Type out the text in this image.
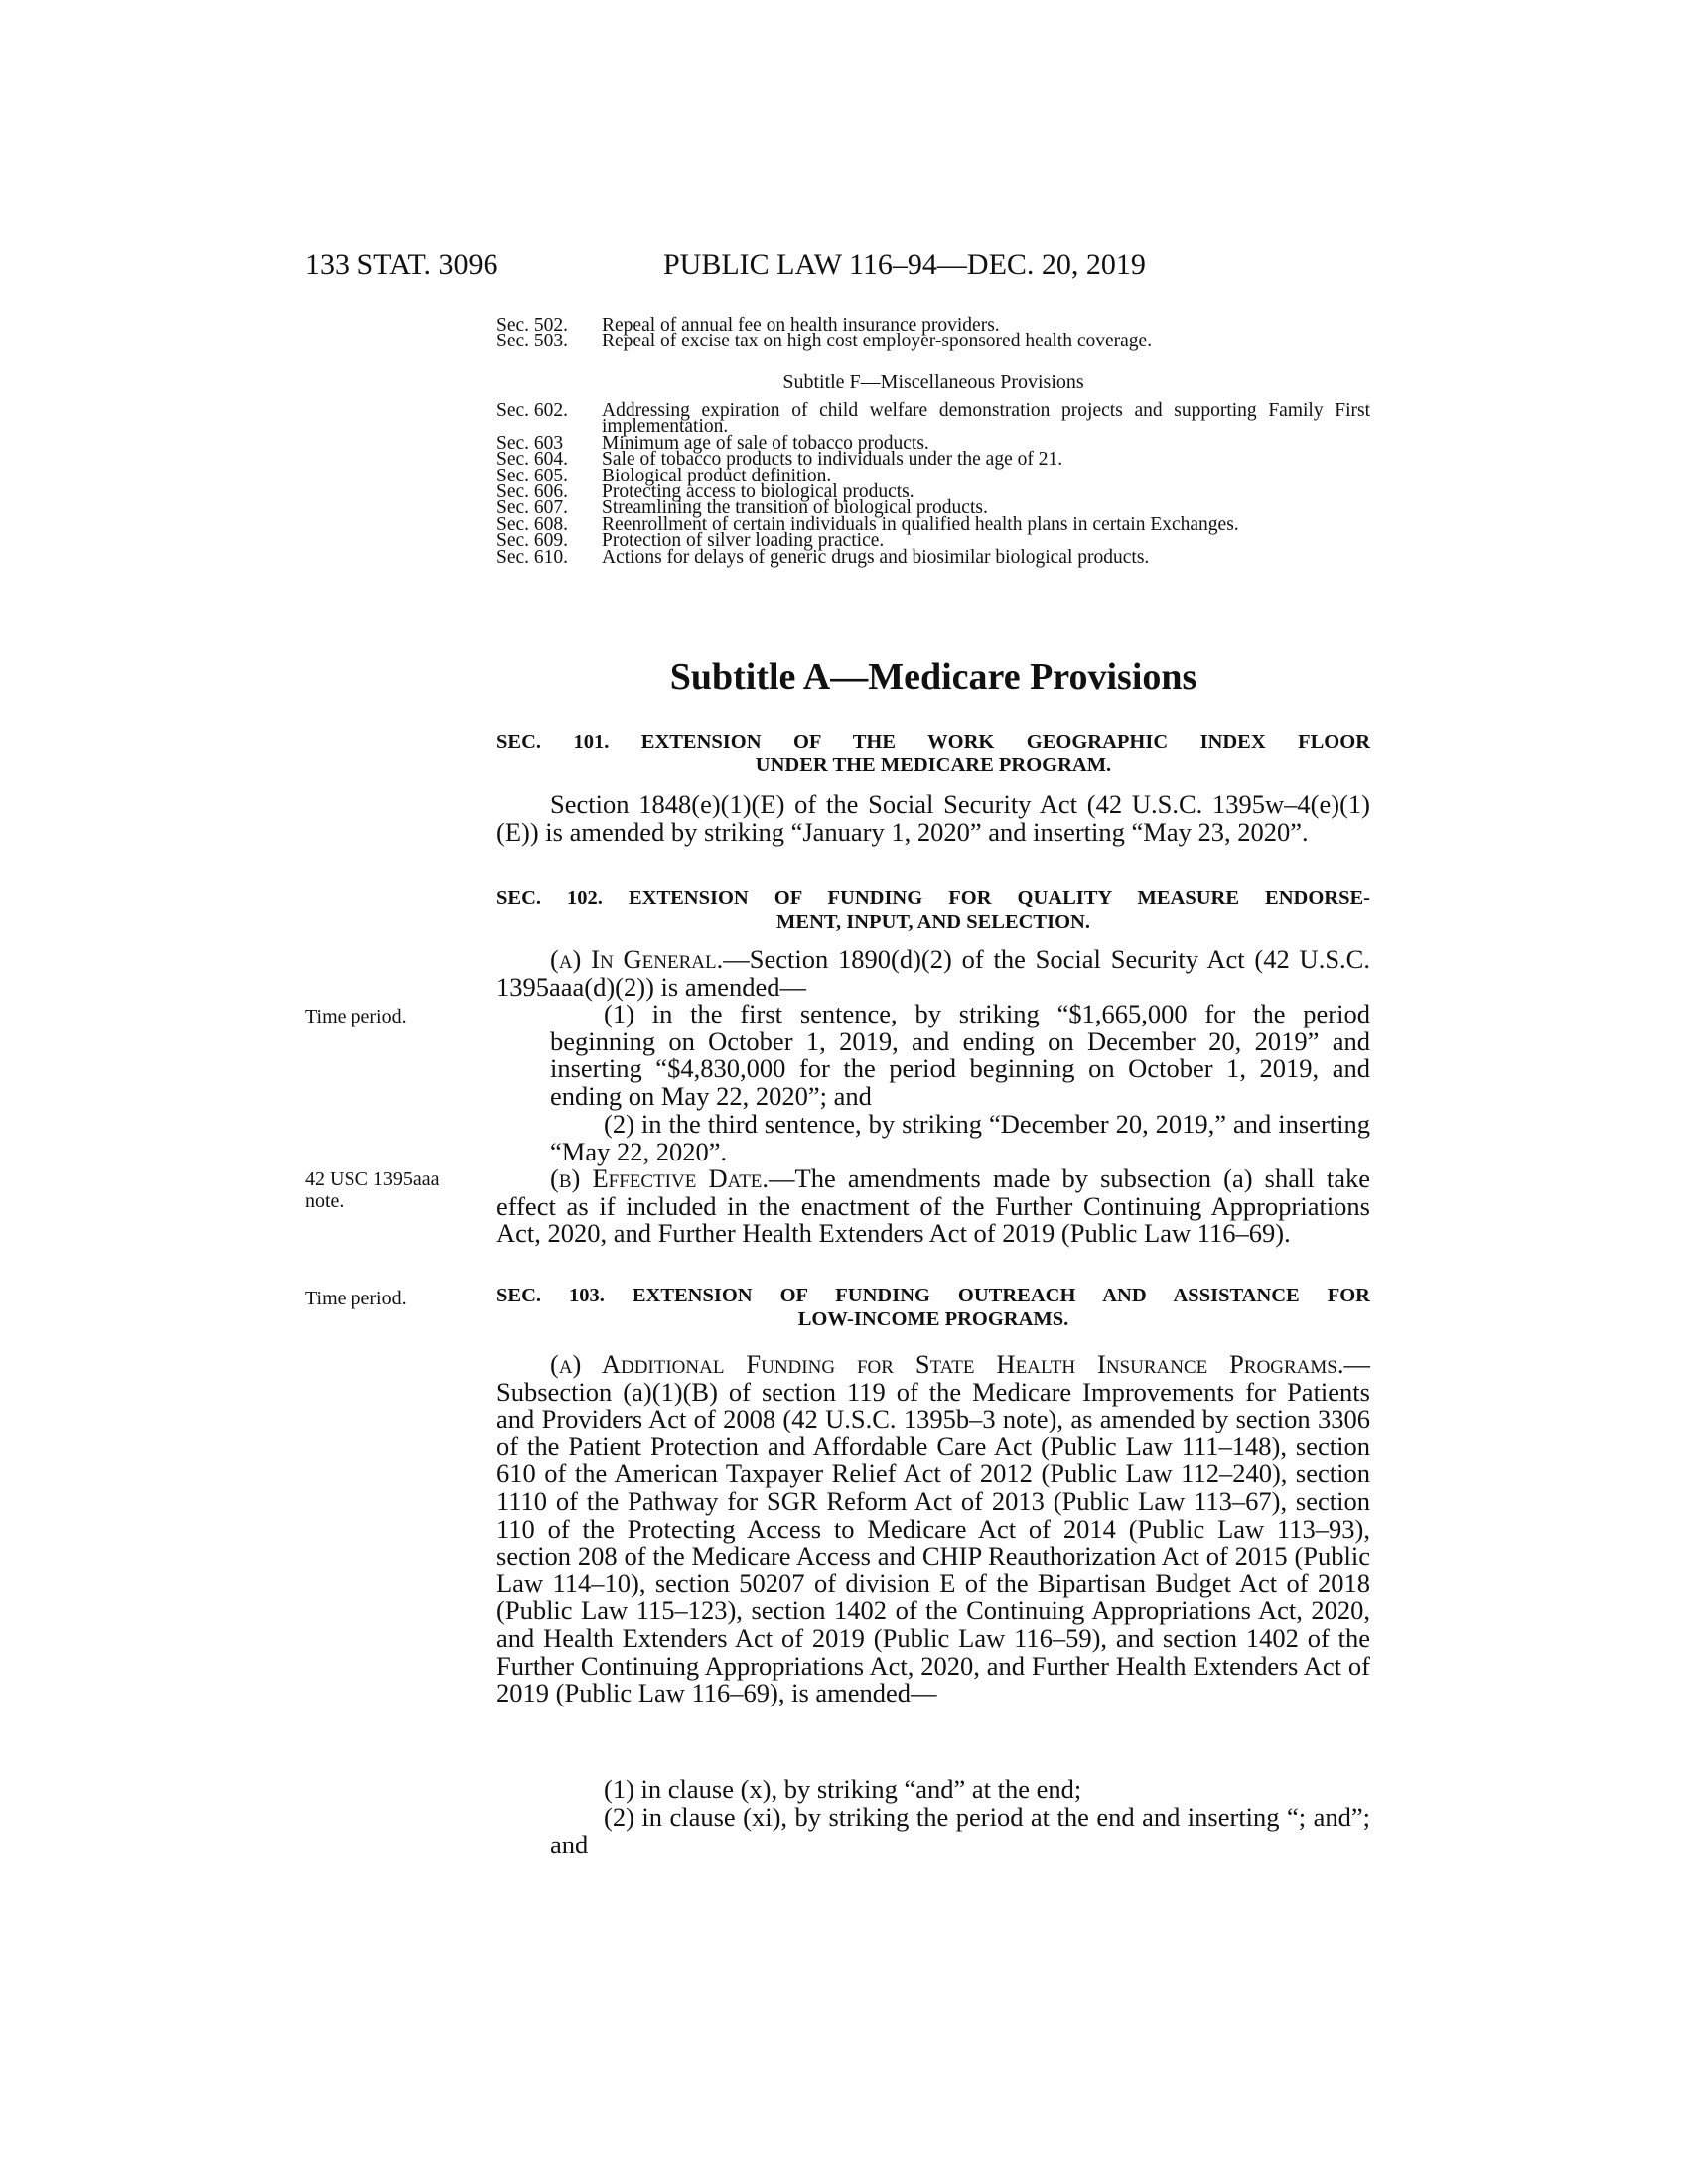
133 STAT. 3096	PUBLIC LAW 116–94—DEC. 20, 2019
Sec. 502.	Repeal of annual fee on health insurance providers.
Sec. 503.	Repeal of excise tax on high cost employer-sponsored health coverage.
Subtitle F—Miscellaneous Provisions
Sec. 602.	Addressing expiration of child welfare demonstration projects and supporting Family First implementation.
Sec. 603	Minimum age of sale of tobacco products.
Sec. 604.	Sale of tobacco products to individuals under the age of 21.
Sec. 605.	Biological product definition.
Sec. 606.	Protecting access to biological products.
Sec. 607.	Streamlining the transition of biological products.
Sec. 608.	Reenrollment of certain individuals in qualified health plans in certain Exchanges.
Sec. 609.	Protection of silver loading practice.
Sec. 610.	Actions for delays of generic drugs and biosimilar biological products.
Subtitle A—Medicare Provisions
SEC. 101. EXTENSION OF THE WORK GEOGRAPHIC INDEX FLOOR
UNDER THE MEDICARE PROGRAM.
Section 1848(e)(1)(E) of the Social Security Act (42 U.S.C. 1395w–4(e)(1)(E)) is amended by striking “January 1, 2020” and inserting “May 23, 2020”.
SEC. 102. EXTENSION OF FUNDING FOR QUALITY MEASURE ENDORSE-
MENT, INPUT, AND SELECTION.
(a) In General.—Section 1890(d)(2) of the Social Security Act (42 U.S.C. 1395aaa(d)(2)) is amended—
Time period.	(1) in the first sentence, by striking “$1,665,000 for the period beginning on October 1, 2019, and ending on December 20, 2019” and inserting “$4,830,000 for the period beginning on October 1, 2019, and ending on May 22, 2020”; and
(2) in the third sentence, by striking “December 20, 2019,” and inserting “May 22, 2020”.
42 USC 1395aaa
note.
(b) Effective Date.—The amendments made by subsection (a) shall take effect as if included in the enactment of the Further Continuing Appropriations Act, 2020, and Further Health Extenders Act of 2019 (Public Law 116–69).
Time period.	SEC. 103. EXTENSION OF FUNDING OUTREACH AND ASSISTANCE FOR
LOW-INCOME PROGRAMS.
(a) Additional Funding for State Health Insurance Programs.—Subsection (a)(1)(B) of section 119 of the Medicare Improvements for Patients and Providers Act of 2008 (42 U.S.C. 1395b–3 note), as amended by section 3306 of the Patient Protection and Affordable Care Act (Public Law 111–148), section 610 of the American Taxpayer Relief Act of 2012 (Public Law 112–240), section 1110 of the Pathway for SGR Reform Act of 2013 (Public Law 113–67), section 110 of the Protecting Access to Medicare Act of 2014 (Public Law 113–93), section 208 of the Medicare Access and CHIP Reauthorization Act of 2015 (Public Law 114–10), section 50207 of division E of the Bipartisan Budget Act of 2018 (Public Law 115–123), section 1402 of the Continuing Appropriations Act, 2020, and Health Extenders Act of 2019 (Public Law 116–59), and section 1402 of the Further Continuing Appropriations Act, 2020, and Further Health Extenders Act of 2019 (Public Law 116–69), is amended—
(1) in clause (x), by striking “and” at the end;
(2) in clause (xi), by striking the period at the end and inserting “; and”; and
